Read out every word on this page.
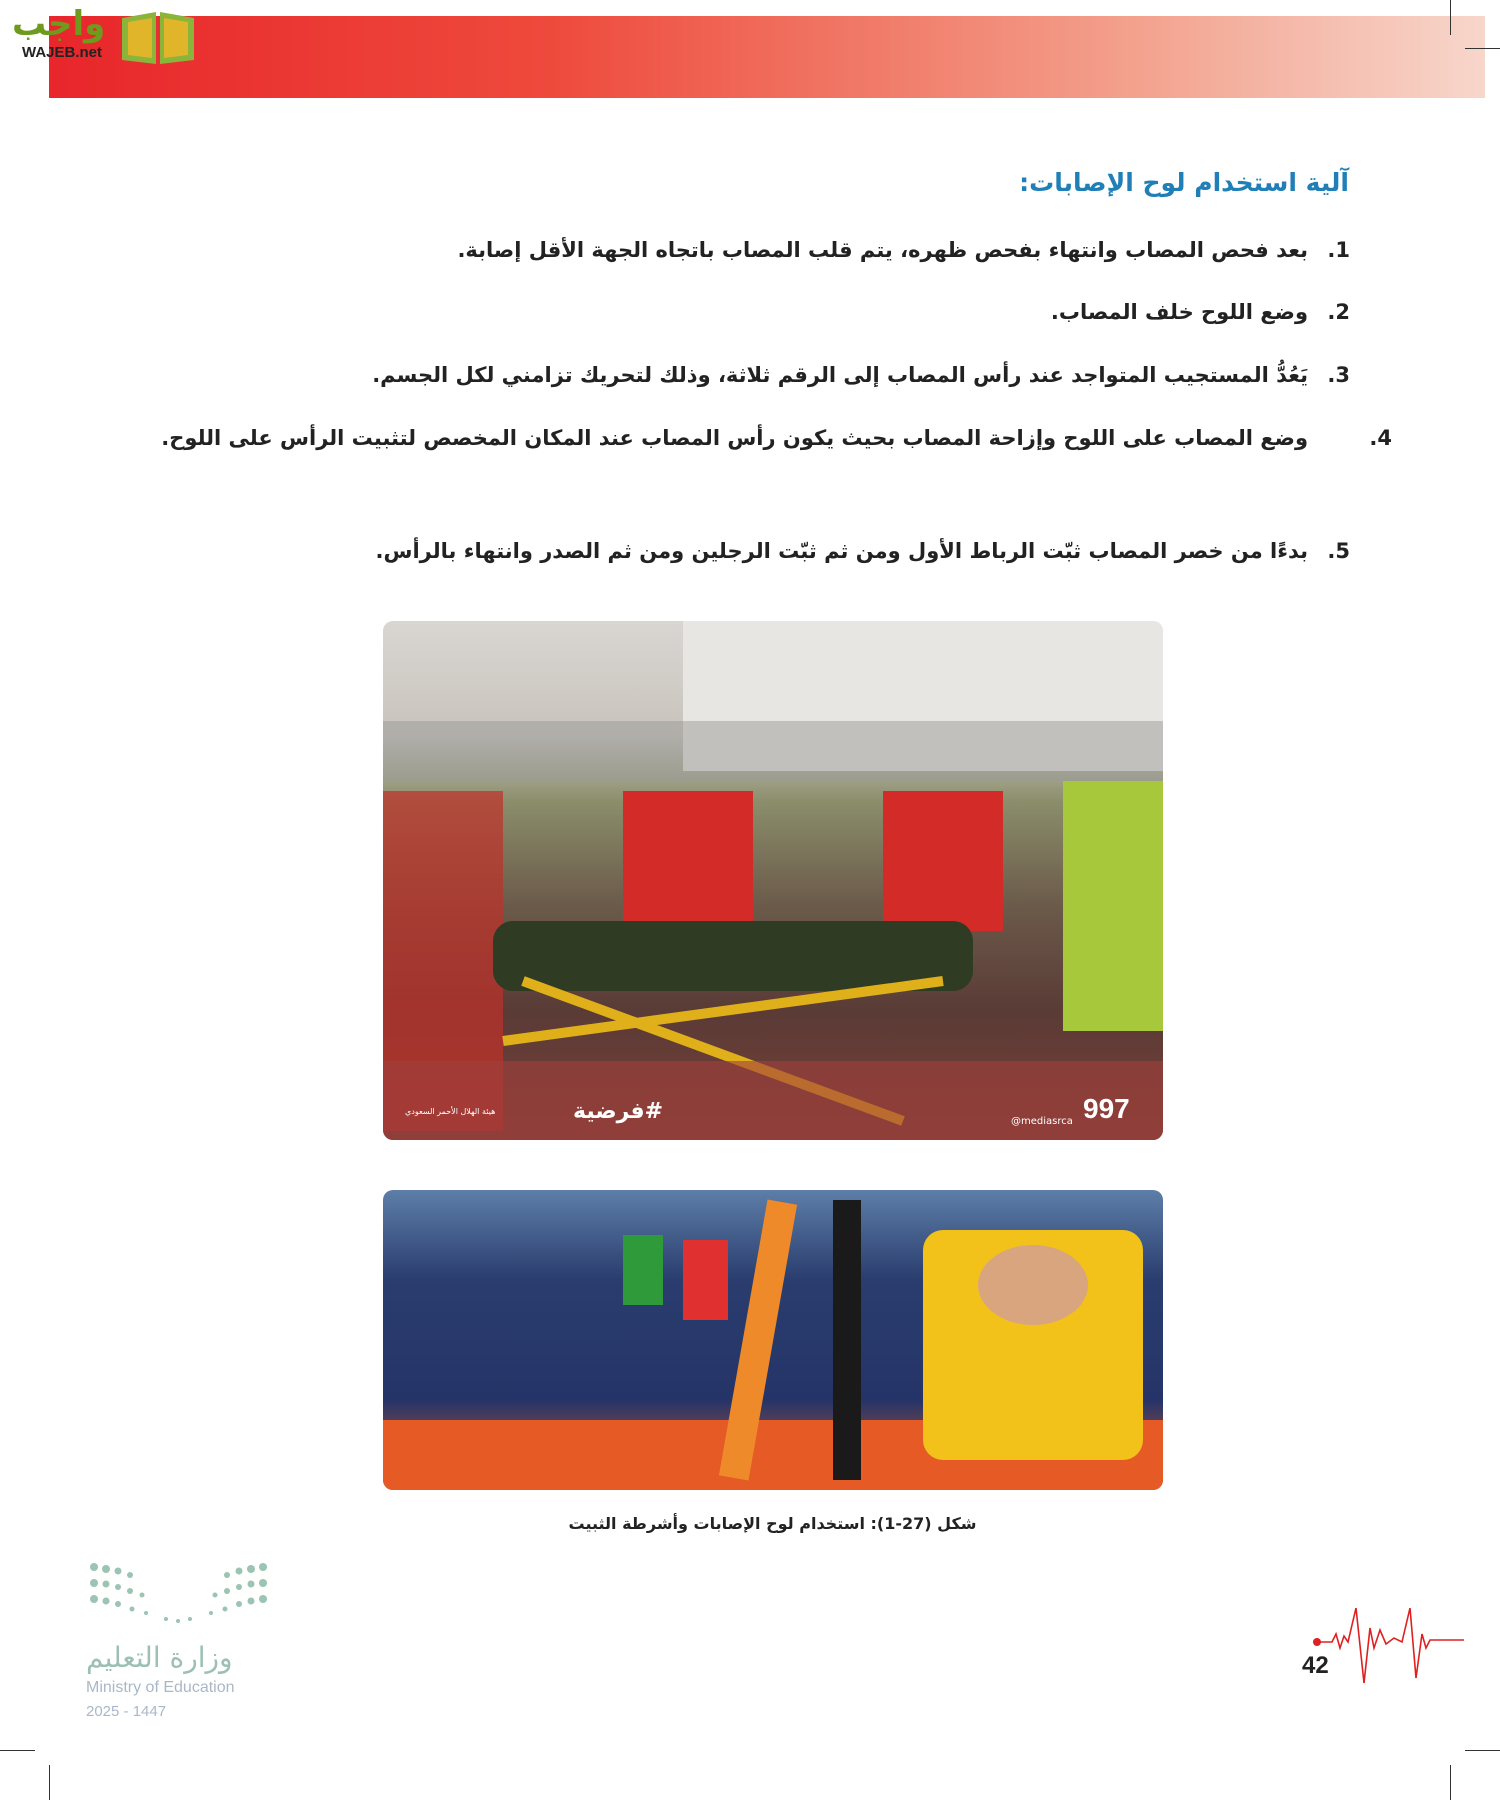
واجب
WAJEB.net
آلية استخدام لوح الإصابات:
1.بعد فحص المصاب وانتهاء بفحص ظهره، يتم قلب المصاب باتجاه الجهة الأقل إصابة.
2.وضع اللوح خلف المصاب.
3.يَعُدُّ المستجيب المتواجد عند رأس المصاب إلى الرقم ثلاثة، وذلك لتحريك تزامني لكل الجسم.
4.وضع المصاب على اللوح وإزاحة المصاب بحيث يكون رأس المصاب عند المكان المخصص لتثبيت الرأس على اللوح.
5.بدءًا من خصر المصاب ثبّت الرباط الأول ومن ثم ثبّت الرجلين ومن ثم الصدر وانتهاء بالرأس.
#فرضية	997
@mediasrca
هيئة الهلال الأحمر السعودي
شكل (27-1): استخدام لوح الإصابات وأشرطة الثبيت
وزارة التعليم
Ministry of Education
2025 - 1447
42
